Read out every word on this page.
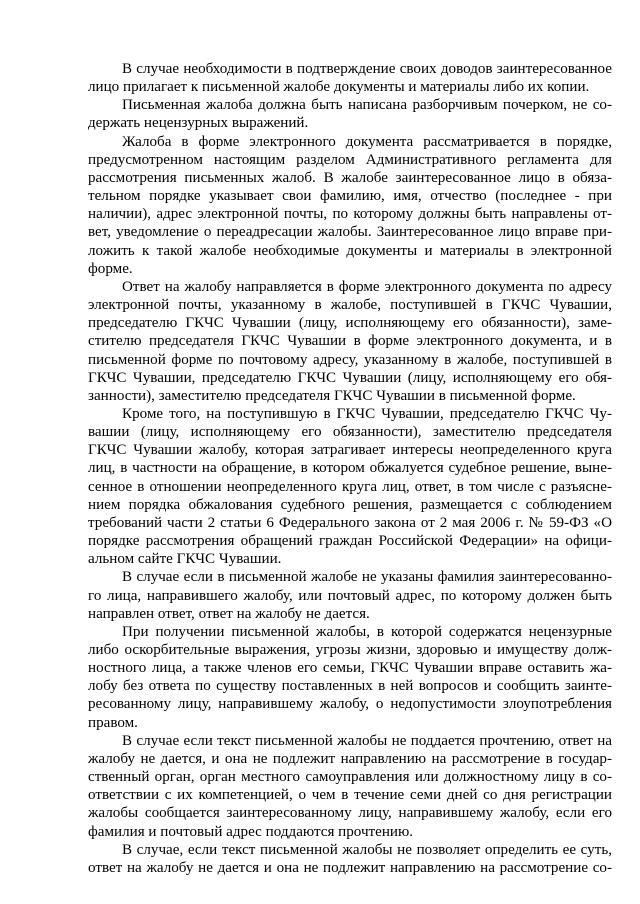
В случае необходимости в подтверждение своих доводов заинтересованное
лицо прилагает к письменной жалобе документы и материалы либо их копии.
Письменная жалоба должна быть написана разборчивым почерком, не со-
держать нецензурных выражений.
Жалоба в форме электронного документа рассматривается в порядке,
предусмотренном настоящим разделом Административного регламента для
рассмотрения письменных жалоб. В жалобе заинтересованное лицо в обяза-
тельном порядке указывает свои фамилию, имя, отчество (последнее - при
наличии), адрес электронной почты, по которому должны быть направлены от-
вет, уведомление о переадресации жалобы. Заинтересованное лицо вправе при-
ложить к такой жалобе необходимые документы и материалы в электронной
форме.
Ответ на жалобу направляется в форме электронного документа по адресу
электронной почты, указанному в жалобе, поступившей в ГКЧС Чувашии,
председателю ГКЧС Чувашии (лицу, исполняющему его обязанности), заме-
стителю председателя ГКЧС Чувашии в форме электронного документа, и в
письменной форме по почтовому адресу, указанному в жалобе, поступившей в
ГКЧС Чувашии, председателю ГКЧС Чувашии (лицу, исполняющему его обя-
занности), заместителю председателя ГКЧС Чувашии в письменной форме.
Кроме того, на поступившую в ГКЧС Чувашии, председателю ГКЧС Чу-
вашии (лицу, исполняющему его обязанности), заместителю председателя
ГКЧС Чувашии жалобу, которая затрагивает интересы неопределенного круга
лиц, в частности на обращение, в котором обжалуется судебное решение, выне-
сенное в отношении неопределенного круга лиц, ответ, в том числе с разъясне-
нием порядка обжалования судебного решения, размещается с соблюдением
требований части 2 статьи 6 Федерального закона от 2 мая 2006 г. № 59-ФЗ «О
порядке рассмотрения обращений граждан Российской Федерации» на офици-
альном сайте ГКЧС Чувашии.
В случае если в письменной жалобе не указаны фамилия заинтересованно-
го лица, направившего жалобу, или почтовый адрес, по которому должен быть
направлен ответ, ответ на жалобу не дается.
При получении письменной жалобы, в которой содержатся нецензурные
либо оскорбительные выражения, угрозы жизни, здоровью и имуществу долж-
ностного лица, а также членов его семьи, ГКЧС Чувашии вправе оставить жа-
лобу без ответа по существу поставленных в ней вопросов и сообщить заинте-
ресованному лицу, направившему жалобу, о недопустимости злоупотребления
правом.
В случае если текст письменной жалобы не поддается прочтению, ответ на
жалобу не дается, и она не подлежит направлению на рассмотрение в государ-
ственный орган, орган местного самоуправления или должностному лицу в со-
ответствии с их компетенцией, о чем в течение семи дней со дня регистрации
жалобы сообщается заинтересованному лицу, направившему жалобу, если его
фамилия и почтовый адрес поддаются прочтению.
В случае, если текст письменной жалобы не позволяет определить ее суть,
ответ на жалобу не дается и она не подлежит направлению на рассмотрение со-
